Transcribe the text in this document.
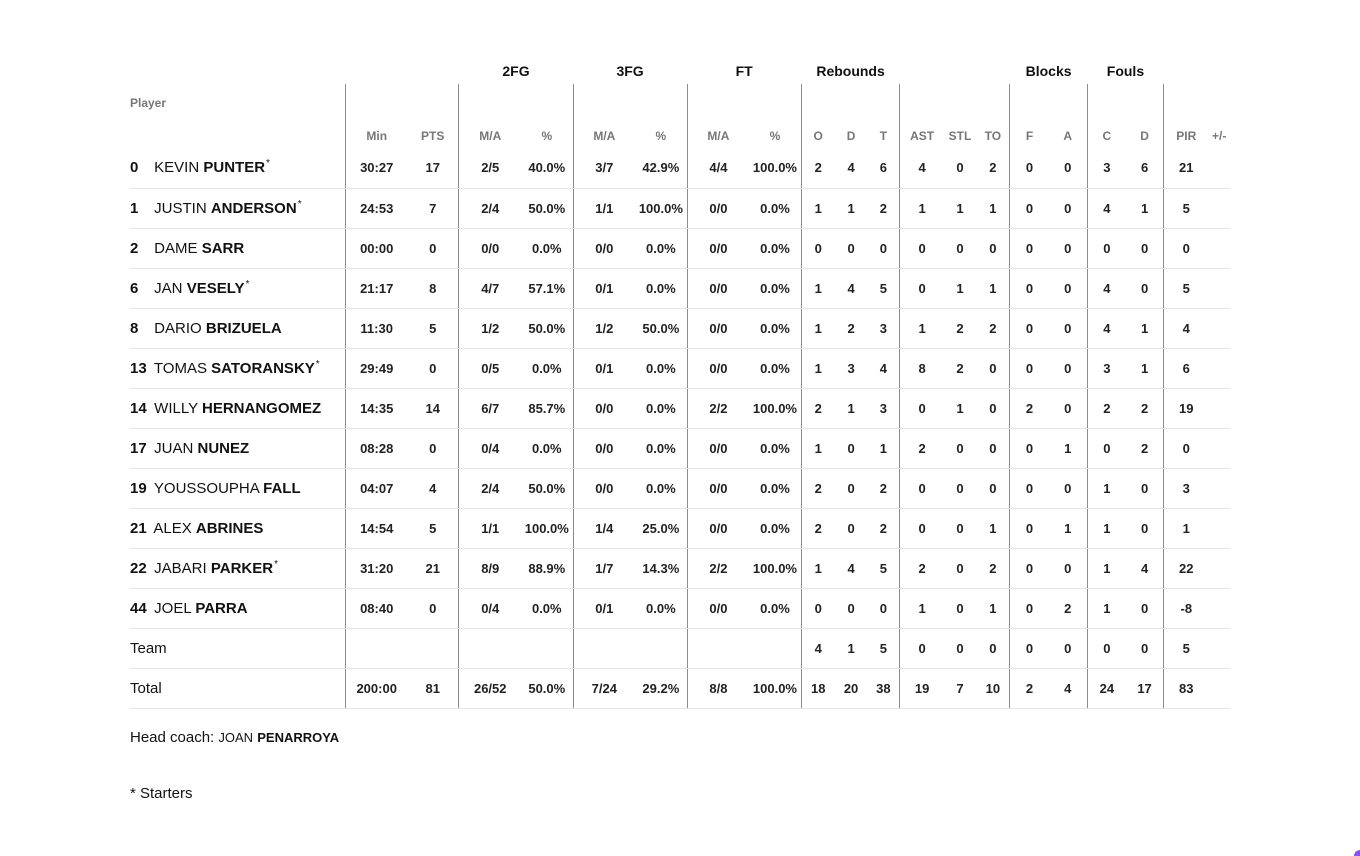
			2FG		3FG		FT		Rebounds						Blocks		Fouls			
Player	Min	PTS	M/A	%	M/A	%	M/A	%	O	D	T	AST	STL	TO	F	A	C	D	PIR	+/-
0 KEVIN PUNTER*	30:27	17	2/5	40.0%	3/7	42.9%	4/4	100.0%	2	4	6	4	0	2	0	0	3	6	21	
1 JUSTIN ANDERSON*	24:53	7	2/4	50.0%	1/1	100.0%	0/0	0.0%	1	1	2	1	1	1	0	0	4	1	5	
2 DAME SARR	00:00	0	0/0	0.0%	0/0	0.0%	0/0	0.0%	0	0	0	0	0	0	0	0	0	0	0	
6 JAN VESELY*	21:17	8	4/7	57.1%	0/1	0.0%	0/0	0.0%	1	4	5	0	1	1	0	0	4	0	5	
8 DARIO BRIZUELA	11:30	5	1/2	50.0%	1/2	50.0%	0/0	0.0%	1	2	3	1	2	2	0	0	4	1	4	
13 TOMAS SATORANSKY*	29:49	0	0/5	0.0%	0/1	0.0%	0/0	0.0%	1	3	4	8	2	0	0	0	3	1	6	
14 WILLY HERNANGOMEZ	14:35	14	6/7	85.7%	0/0	0.0%	2/2	100.0%	2	1	3	0	1	0	2	0	2	2	19	
17 JUAN NUNEZ	08:28	0	0/4	0.0%	0/0	0.0%	0/0	0.0%	1	0	1	2	0	0	0	1	0	2	0	
19 YOUSSOUPHA FALL	04:07	4	2/4	50.0%	0/0	0.0%	0/0	0.0%	2	0	2	0	0	0	0	0	1	0	3	
21 ALEX ABRINES	14:54	5	1/1	100.0%	1/4	25.0%	0/0	0.0%	2	0	2	0	0	1	0	1	1	0	1	
22 JABARI PARKER*	31:20	21	8/9	88.9%	1/7	14.3%	2/2	100.0%	1	4	5	2	0	2	0	0	1	4	22	
44 JOEL PARRA	08:40	0	0/4	0.0%	0/1	0.0%	0/0	0.0%	0	0	0	1	0	1	0	2	1	0	-8	
Team									4	1	5	0	0	0	0	0	0	0	5	
Total	200:00	81	26/52	50.0%	7/24	29.2%	8/8	100.0%	18	20	38	19	7	10	2	4	24	17	83	
Head coach: JOAN PENARROYA
* Starters
